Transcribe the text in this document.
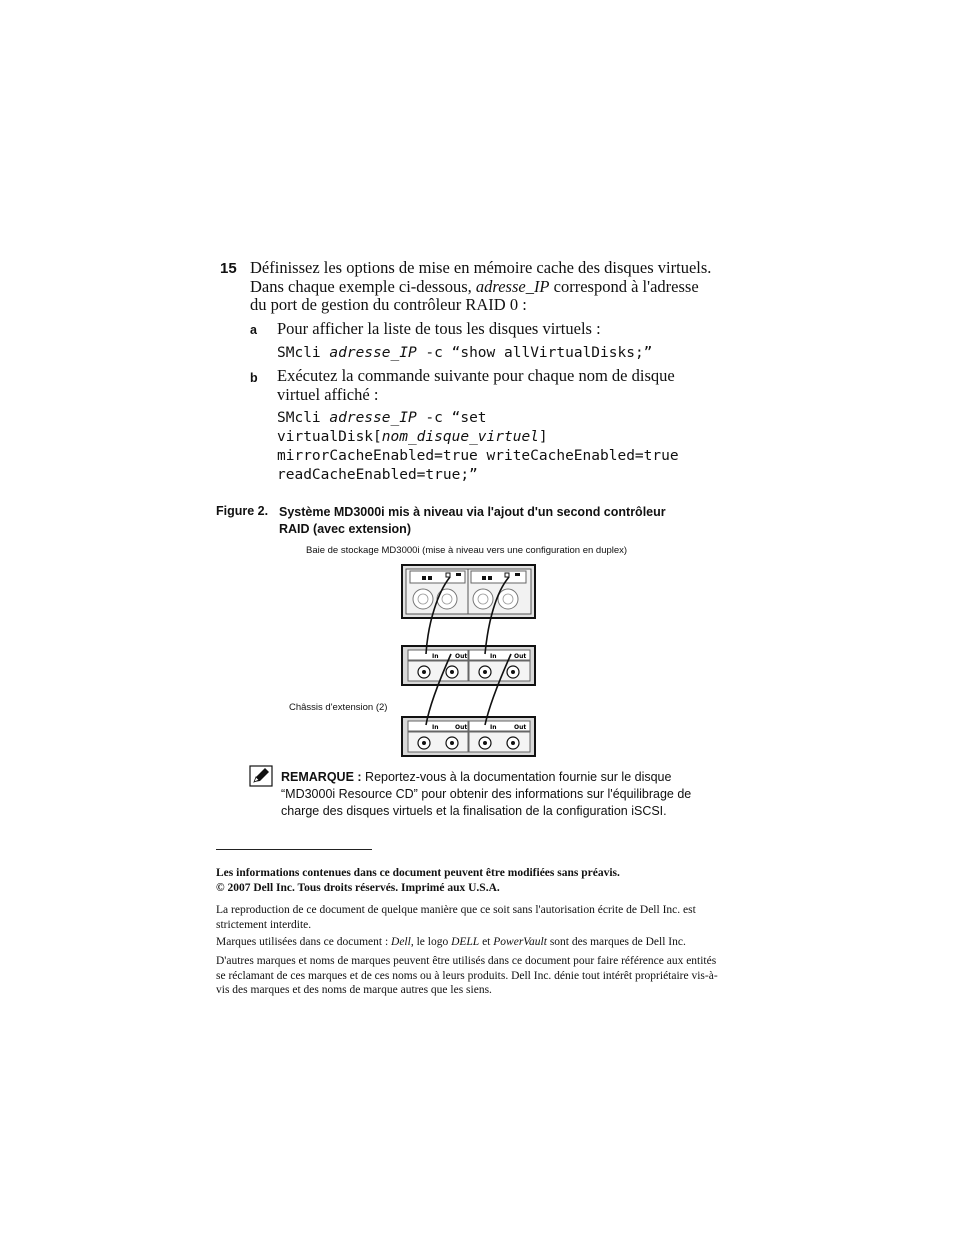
15 Définissez les options de mise en mémoire cache des disques virtuels.
Dans chaque exemple ci-dessous, adresse_IP correspond à l'adresse
du port de gestion du contrôleur RAID 0 :
a Pour afficher la liste de tous les disques virtuels :
SMcli adresse_IP -c “show allVirtualDisks;”
b Exécutez la commande suivante pour chaque nom de disque virtuel affiché :
SMcli adresse_IP -c “set
virtualDisk[nom_disque_virtuel]
mirrorCacheEnabled=true writeCacheEnabled=true
readCacheEnabled=true;”
Figure 2. Système MD3000i mis à niveau via l'ajout d'un second contrôleur RAID (avec extension)
Baie de stockage MD3000i (mise à niveau vers une configuration en duplex)
Châssis d'extension (2)
In	Out	In	Out
In	Out	In	Out
REMARQUE : Reportez-vous à la documentation fournie sur le disque “MD3000i Resource CD” pour obtenir des informations sur l'équilibrage de charge des disques virtuels et la finalisation de la configuration iSCSI.
Les informations contenues dans ce document peuvent être modifiées sans préavis.
© 2007 Dell Inc. Tous droits réservés. Imprimé aux U.S.A.
La reproduction de ce document de quelque manière que ce soit sans l'autorisation écrite de Dell Inc. est strictement interdite.
Marques utilisées dans ce document : Dell, le logo DELL et PowerVault sont des marques de Dell Inc.
D'autres marques et noms de marques peuvent être utilisés dans ce document pour faire référence aux entités se réclamant de ces marques et de ces noms ou à leurs produits. Dell Inc. dénie tout intérêt propriétaire vis-à-vis des marques et des noms de marque autres que les siens.
